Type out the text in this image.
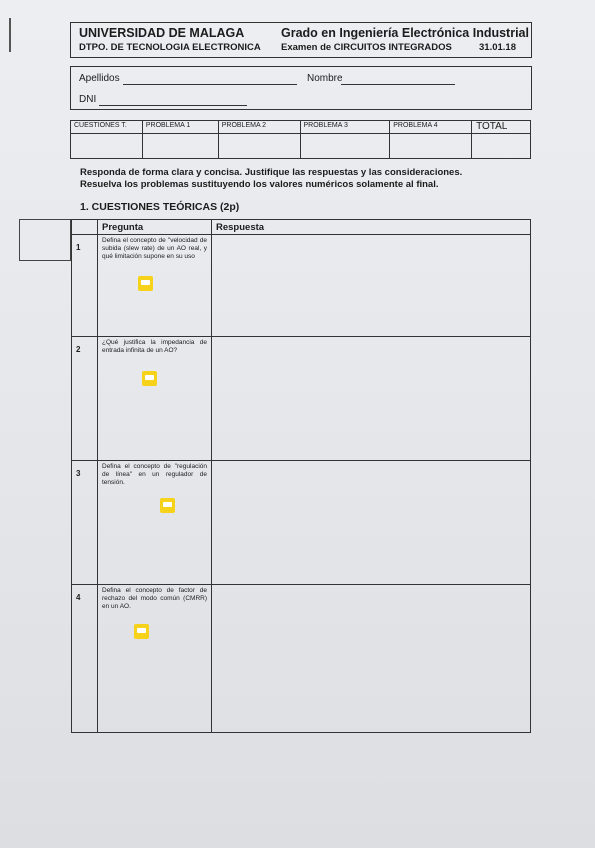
UNIVERSIDAD DE MALAGA
DTPO. DE TECNOLOGIA ELECTRONICA
Grado en Ingeniería Electrónica Industrial
Examen de CIRCUITOS INTEGRADOS	31.01.18
Apellidos	Nombre
DNI
CUESTIONES T.	PROBLEMA 1	PROBLEMA 2	PROBLEMA 3	PROBLEMA 4	TOTAL

Responda de forma clara y concisa. Justifique las respuestas y las consideraciones.
Resuelva los problemas sustituyendo los valores numéricos solamente al final.
1. CUESTIONES TEÓRICAS (2p)
	Pregunta	Respuesta
1	Defina el concepto de "velocidad de subida (slew rate) de un AO real, y qué limitación supone en su uso	

2	¿Qué justifica la impedancia de entrada infinita de un AO?	

3	Defina el concepto de "regulación de línea" en un regulador de tensión.	

4	Defina el concepto de factor de rechazo del modo común (CMRR) en un AO.	
